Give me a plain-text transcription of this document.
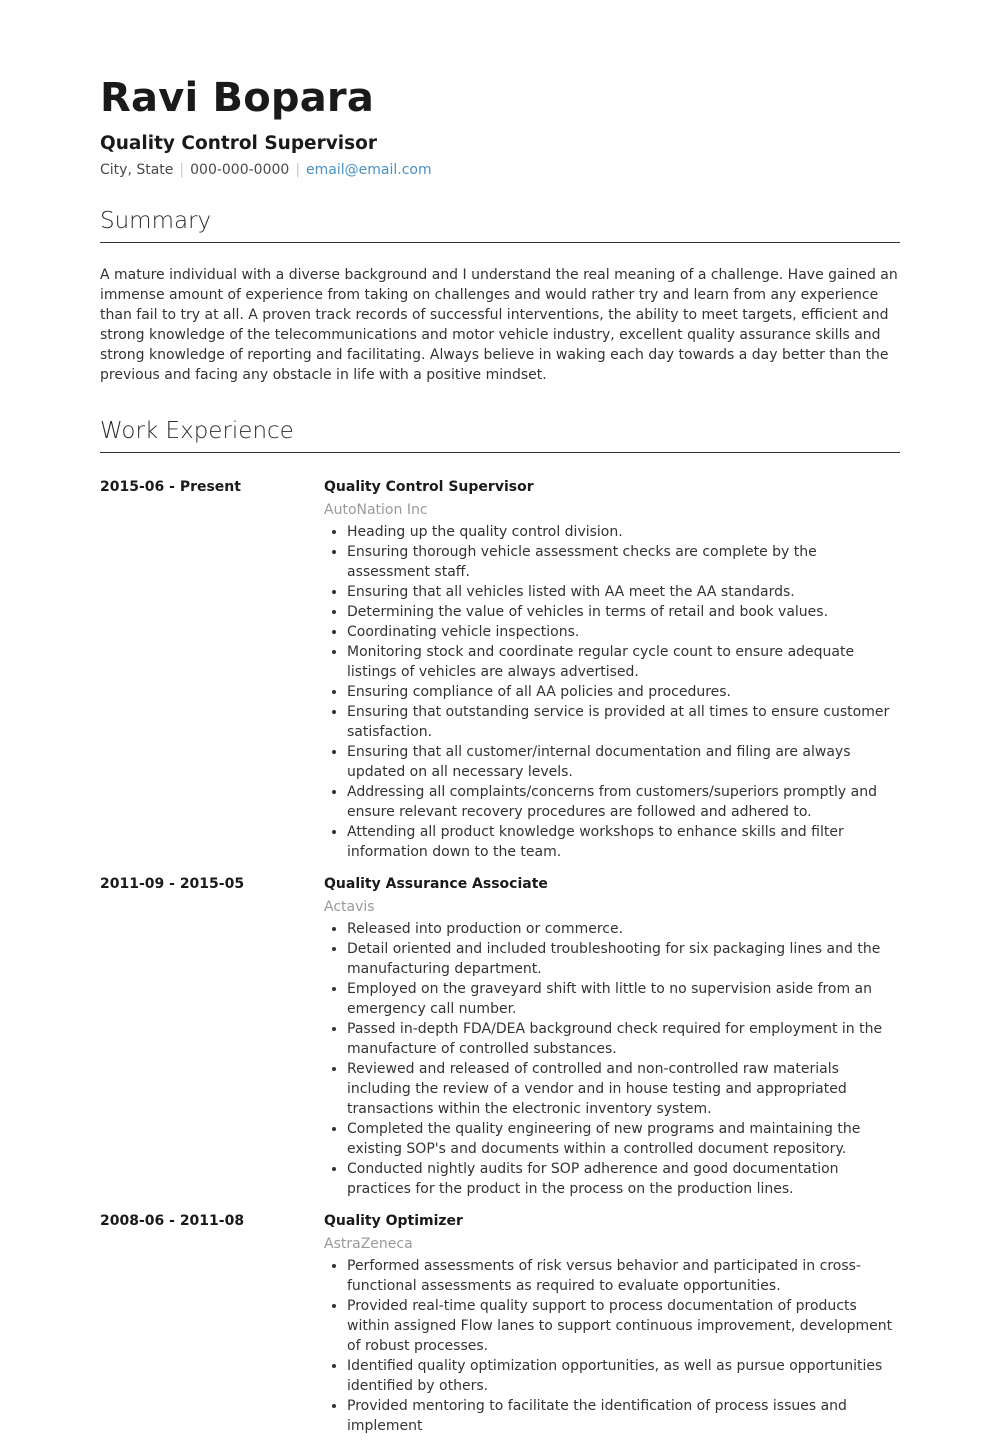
Ravi Bopara
Quality Control Supervisor
City, State | 000-000-0000 | email@email.com
Summary
A mature individual with a diverse background and I understand the real meaning of a challenge. Have gained an immense amount of experience from taking on challenges and would rather try and learn from any experience than fail to try at all. A proven track records of successful interventions, the ability to meet targets, efficient and strong knowledge of the telecommunications and motor vehicle industry, excellent quality assurance skills and strong knowledge of reporting and facilitating. Always believe in waking each day towards a day better than the previous and facing any obstacle in life with a positive mindset.
Work Experience
2015-06 - Present	Quality Control Supervisor
AutoNation Inc
• Heading up the quality control division.
• Ensuring thorough vehicle assessment checks are complete by the assessment staff.
• Ensuring that all vehicles listed with AA meet the AA standards.
• Determining the value of vehicles in terms of retail and book values.
• Coordinating vehicle inspections.
• Monitoring stock and coordinate regular cycle count to ensure adequate listings of vehicles are always advertised.
• Ensuring compliance of all AA policies and procedures.
• Ensuring that outstanding service is provided at all times to ensure customer satisfaction.
• Ensuring that all customer/internal documentation and filing are always updated on all necessary levels.
• Addressing all complaints/concerns from customers/superiors promptly and ensure relevant recovery procedures are followed and adhered to.
• Attending all product knowledge workshops to enhance skills and filter information down to the team.
2011-09 - 2015-05	Quality Assurance Associate
Actavis
• Released into production or commerce.
• Detail oriented and included troubleshooting for six packaging lines and the manufacturing department.
• Employed on the graveyard shift with little to no supervision aside from an emergency call number.
• Passed in-depth FDA/DEA background check required for employment in the manufacture of controlled substances.
• Reviewed and released of controlled and non-controlled raw materials including the review of a vendor and in house testing and appropriated transactions within the electronic inventory system.
• Completed the quality engineering of new programs and maintaining the existing SOP's and documents within a controlled document repository.
• Conducted nightly audits for SOP adherence and good documentation practices for the product in the process on the production lines.
2008-06 - 2011-08	Quality Optimizer
AstraZeneca
• Performed assessments of risk versus behavior and participated in cross-functional assessments as required to evaluate opportunities.
• Provided real-time quality support to process documentation of products within assigned Flow lanes to support continuous improvement, development of robust processes.
• Identified quality optimization opportunities, as well as pursue opportunities identified by others.
• Provided mentoring to facilitate the identification of process issues and implement
